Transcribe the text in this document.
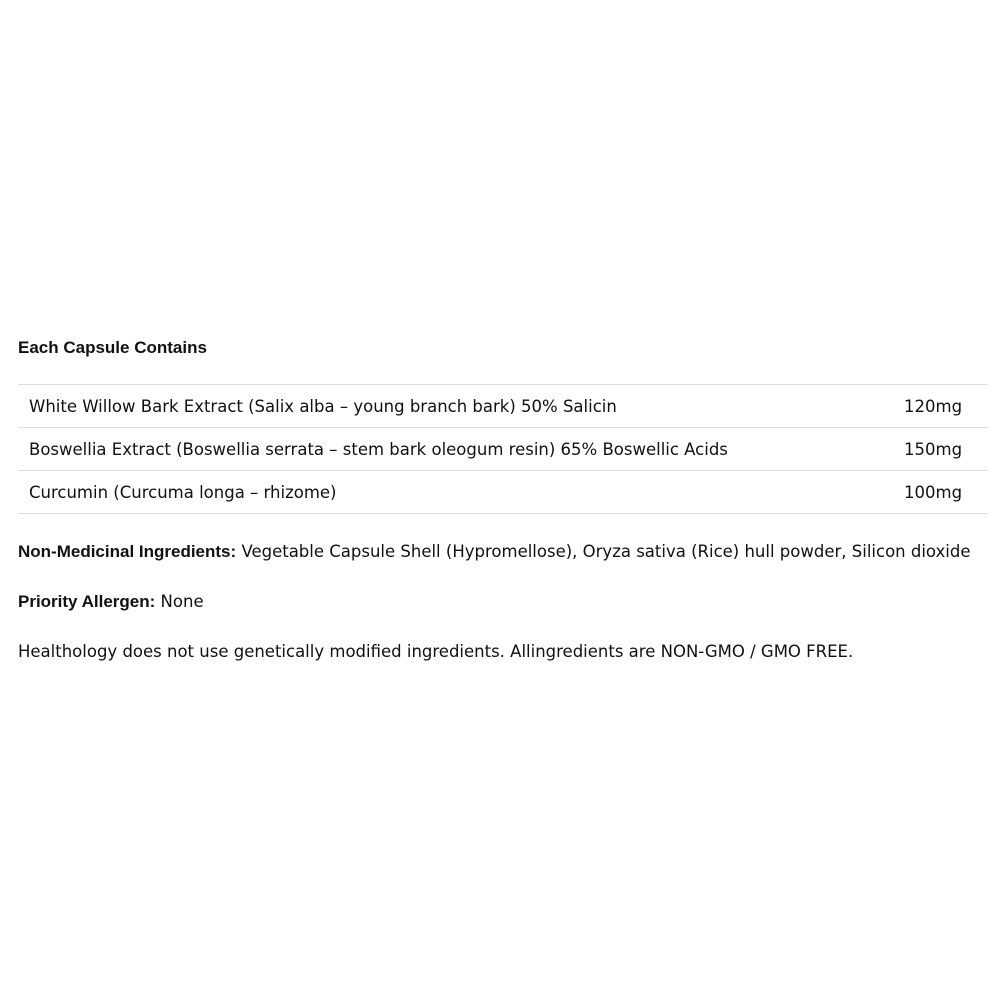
Each Capsule Contains
White Willow Bark Extract (Salix alba – young branch bark) 50% Salicin	120mg
Boswellia Extract (Boswellia serrata – stem bark oleogum resin) 65% Boswellic Acids	150mg
Curcumin (Curcuma longa – rhizome)	100mg
Non-Medicinal Ingredients: Vegetable Capsule Shell (Hypromellose), Oryza sativa (Rice) hull powder, Silicon dioxide
Priority Allergen: None
Healthology does not use genetically modified ingredients. Allingredients are NON-GMO / GMO FREE.
